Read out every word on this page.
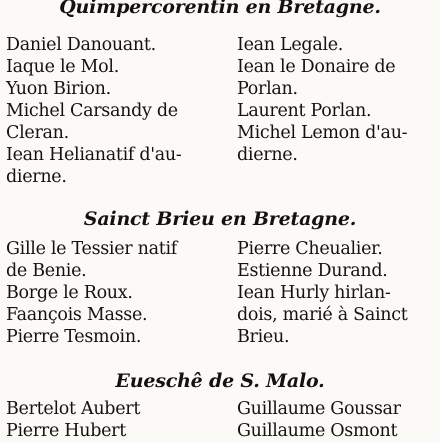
Quimpercorentin en Bretagne.
Daniel Danouant.
Iaque le Mol.
Yuon Birion.
Michel Carsandy de
Cleran.
Iean Helianatif d'au-
dierne.
Iean Legale.
Iean le Donaire de
Porlan.
Laurent Porlan.
Michel Lemon d'au-
dierne.
Sainct Brieu en Bretagne.
Gille le Tessier natif
de Benie.
Borge le Roux.
Faançois Masse.
Pierre Tesmoin.
Pierre Cheualier.
Estienne Durand.
Iean Hurly hirlan-
dois, marié à Sainct
Brieu.
Eueschê de S. Malo.
Bertelot Aubert
Pierre Hubert
Guillaume Goussar
Guillaume Osmont
